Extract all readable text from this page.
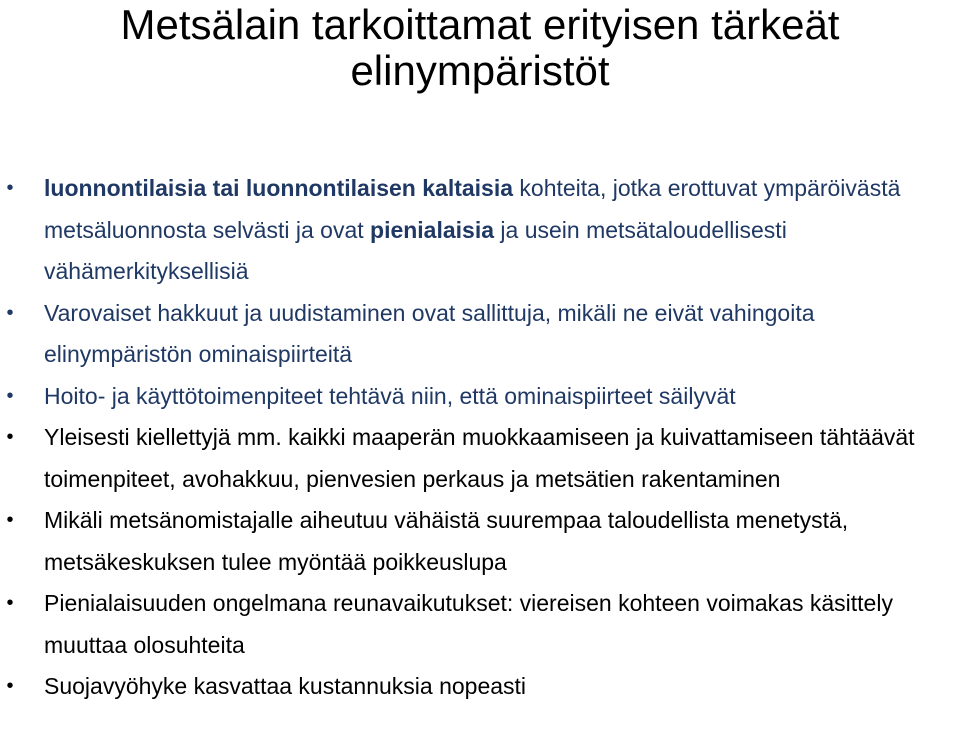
Metsälain tarkoittamat erityisen tärkeät elinympäristöt
• luonnontilaisia tai luonnontilaisen kaltaisia kohteita, jotka erottuvat ympäröivästä metsäluonnosta selvästi ja ovat pienialaisia ja usein metsätaloudellisesti vähämerkityksellisiä
• Varovaiset hakkuut ja uudistaminen ovat sallittuja, mikäli ne eivät vahingoita elinympäristön ominaispiirteitä
• Hoito- ja käyttötoimenpiteet tehtävä niin, että ominaispiirteet säilyvät
• Yleisesti kiellettyjä mm. kaikki maaperän muokkaamiseen ja kuivattamiseen tähtäävät toimenpiteet, avohakkuu, pienvesien perkaus ja metsätien rakentaminen
• Mikäli metsänomistajalle aiheutuu vähäistä suurempaa taloudellista menetystä, metsäkeskuksen tulee myöntää poikkeuslupa
• Pienialaisuuden ongelmana reunavaikutukset: viereisen kohteen voimakas käsittely muuttaa olosuhteita
• Suojavyöhyke kasvattaa kustannuksia nopeasti
